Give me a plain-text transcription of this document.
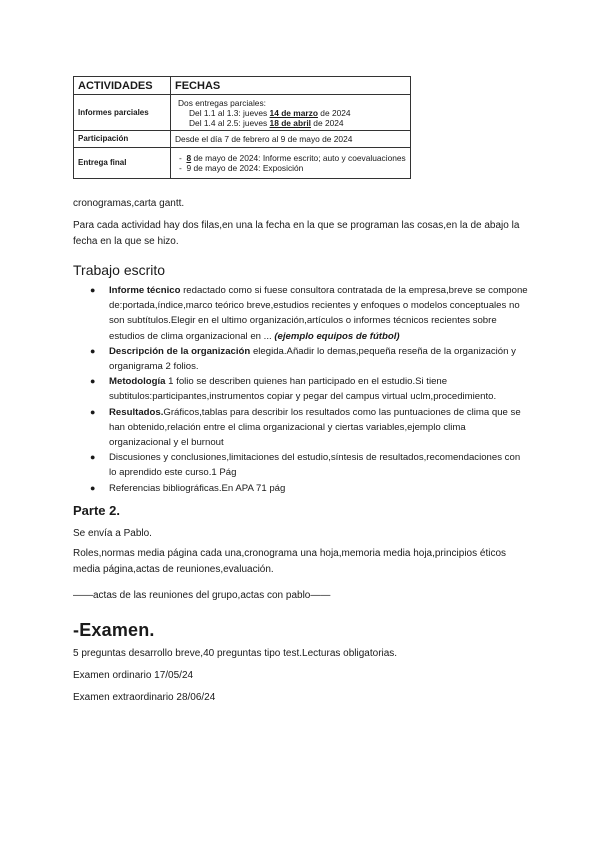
ACTIVIDADES	FECHAS
Informes parciales	Dos entregas parciales:
Del 1.1 al 1.3: jueves 14 de marzo de 2024
Del 1.4 al 2.5: jueves 18 de abril de 2024

Participación	Desde el día 7 de febrero al 9 de mayo de 2024
Entrega final	- 8 de mayo de 2024: Informe escrito; auto y coevaluaciones
- 9 de mayo de 2024: Exposición
cronogramas,carta gantt.
Para cada actividad hay dos filas,en una la fecha en la que se programan las cosas,en la de abajo la fecha en la que se hizo.
Trabajo escrito
● Informe técnico redactado como si fuese consultora contratada de la empresa,breve se compone de:portada,índice,marco teórico breve,estudios recientes y enfoques o modelos conceptuales no son subtítulos.Elegir en el ultimo organización,artículos o informes técnicos recientes sobre estudios de clima organizacional en ... (ejemplo equipos de fútbol)
● Descripción de la organización elegida.Añadir lo demas,pequeña reseña de la organización y organigrama 2 folios.
● Metodología 1 folio se describen quienes han participado en el estudio.Si tiene subtitulos:participantes,instrumentos copiar y pegar del campus virtual uclm,procedimiento.
● Resultados.Gráficos,tablas para describir los resultados como las puntuaciones de clima que se han obtenido,relación entre el clima organizacional y ciertas variables,ejemplo clima organizacional y el burnout
● Discusiones y conclusiones,limitaciones del estudio,síntesis de resultados,recomendaciones con lo aprendido este curso.1 Pág
● Referencias bibliográficas.En APA 71 pág
Parte 2.
Se envía a Pablo.
Roles,normas media página cada una,cronograma una hoja,memoria media hoja,principios éticos media página,actas de reuniones,evaluación.
——actas de las reuniones del grupo,actas con pablo——
-Examen.
5 preguntas desarrollo breve,40 preguntas tipo test.Lecturas obligatorias.
Examen ordinario 17/05/24
Examen extraordinario 28/06/24
